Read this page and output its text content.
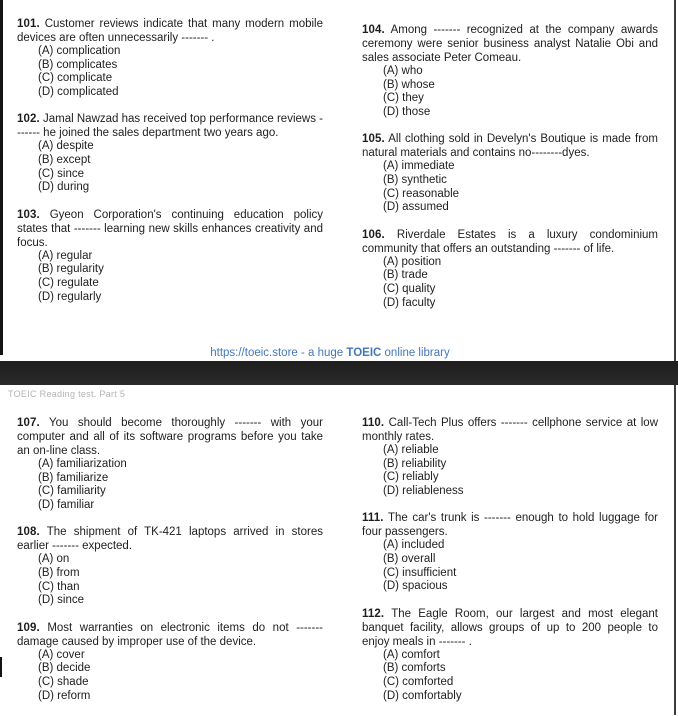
101. Customer reviews indicate that many modern mobile devices are often unnecessarily ------- .

(A) complication
(B) complicates
(C) complicate
(D) complicated

102. Jamal Nawzad has received top performance reviews ------- he joined the sales department two years ago.

(A) despite
(B) except
(C) since
(D) during

103. Gyeon Corporation's continuing education policy states that ------- learning new skills enhances creativity and focus.

(A) regular
(B) regularity
(C) regulate
(D) regularly

104. Among ------- recognized at the company awards ceremony were senior business analyst Natalie Obi and sales associate Peter Comeau.

(A) who
(B) whose
(C) they
(D) those

105. All clothing sold in Develyn's Boutique is made from natural materials and contains no--------dyes.

(A) immediate
(B) synthetic
(C) reasonable
(D) assumed

106. Riverdale Estates is a luxury condominium community that offers an outstanding ------- of life.

(A) position
(B) trade
(C) quality
(D) faculty
https://toeic.store - a huge TOEIC online library
TOEIC Reading test. Part 5

107. You should become thoroughly ------- with your computer and all of its software programs before you take an on-line class.

(A) familiarization
(B) familiarize
(C) familiarity
(D) familiar

108. The shipment of TK-421 laptops arrived in stores earlier ------- expected.

(A) on
(B) from
(C) than
(D) since

109. Most warranties on electronic items do not ------- damage caused by improper use of the device.

(A) cover
(B) decide
(C) shade
(D) reform

110. Call-Tech Plus offers ------- cellphone service at low monthly rates.

(A) reliable
(B) reliability
(C) reliably
(D) reliableness

111. The car's trunk is ------- enough to hold luggage for four passengers.

(A) included
(B) overall
(C) insufficient
(D) spacious

112. The Eagle Room, our largest and most elegant banquet facility, allows groups of up to 200 people to enjoy meals in ------- .

(A) comfort
(B) comforts
(C) comforted
(D) comfortably
